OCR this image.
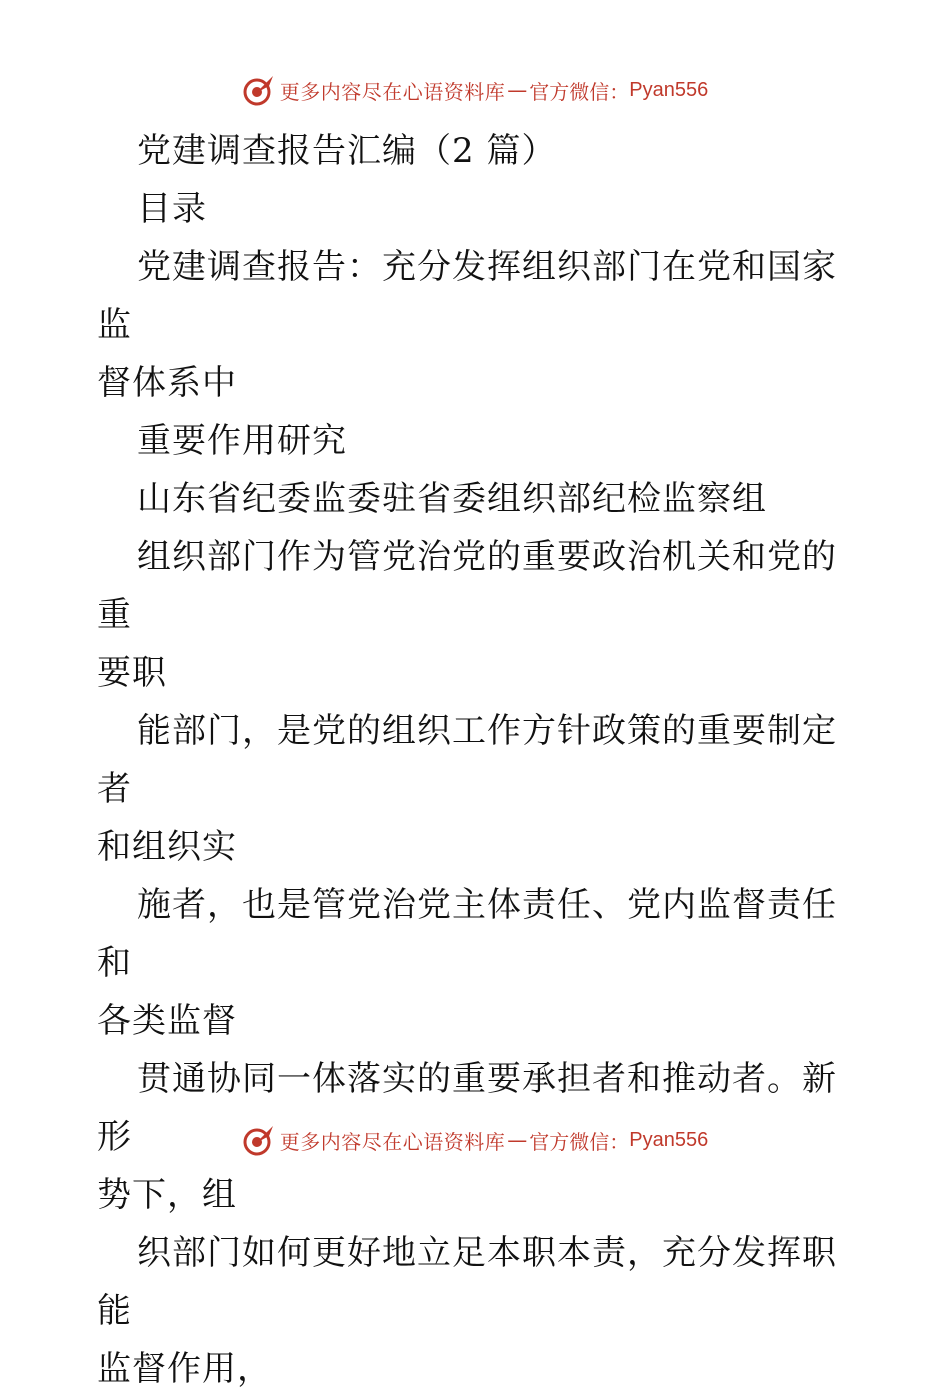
更多内容尽在心语资料库 — 官方微信： Pyan556

党建调查报告汇编（2 篇）

目录

党建调查报告：充分发挥组织部门在党和国家监

督体系中

重要作用研究

山东省纪委监委驻省委组织部纪检监察组

组织部门作为管党治党的重要政治机关和党的重

要职

能部门，是党的组织工作方针政策的重要制定者

和组织实

施者，也是管党治党主体责任、党内监督责任和

各类监督

贯通协同一体落实的重要承担者和推动者。新形

势下，组

织部门如何更好地立足本职本责，充分发挥职能

监督作用，

更多内容尽在心语资料库 — 官方微信： Pyan556
